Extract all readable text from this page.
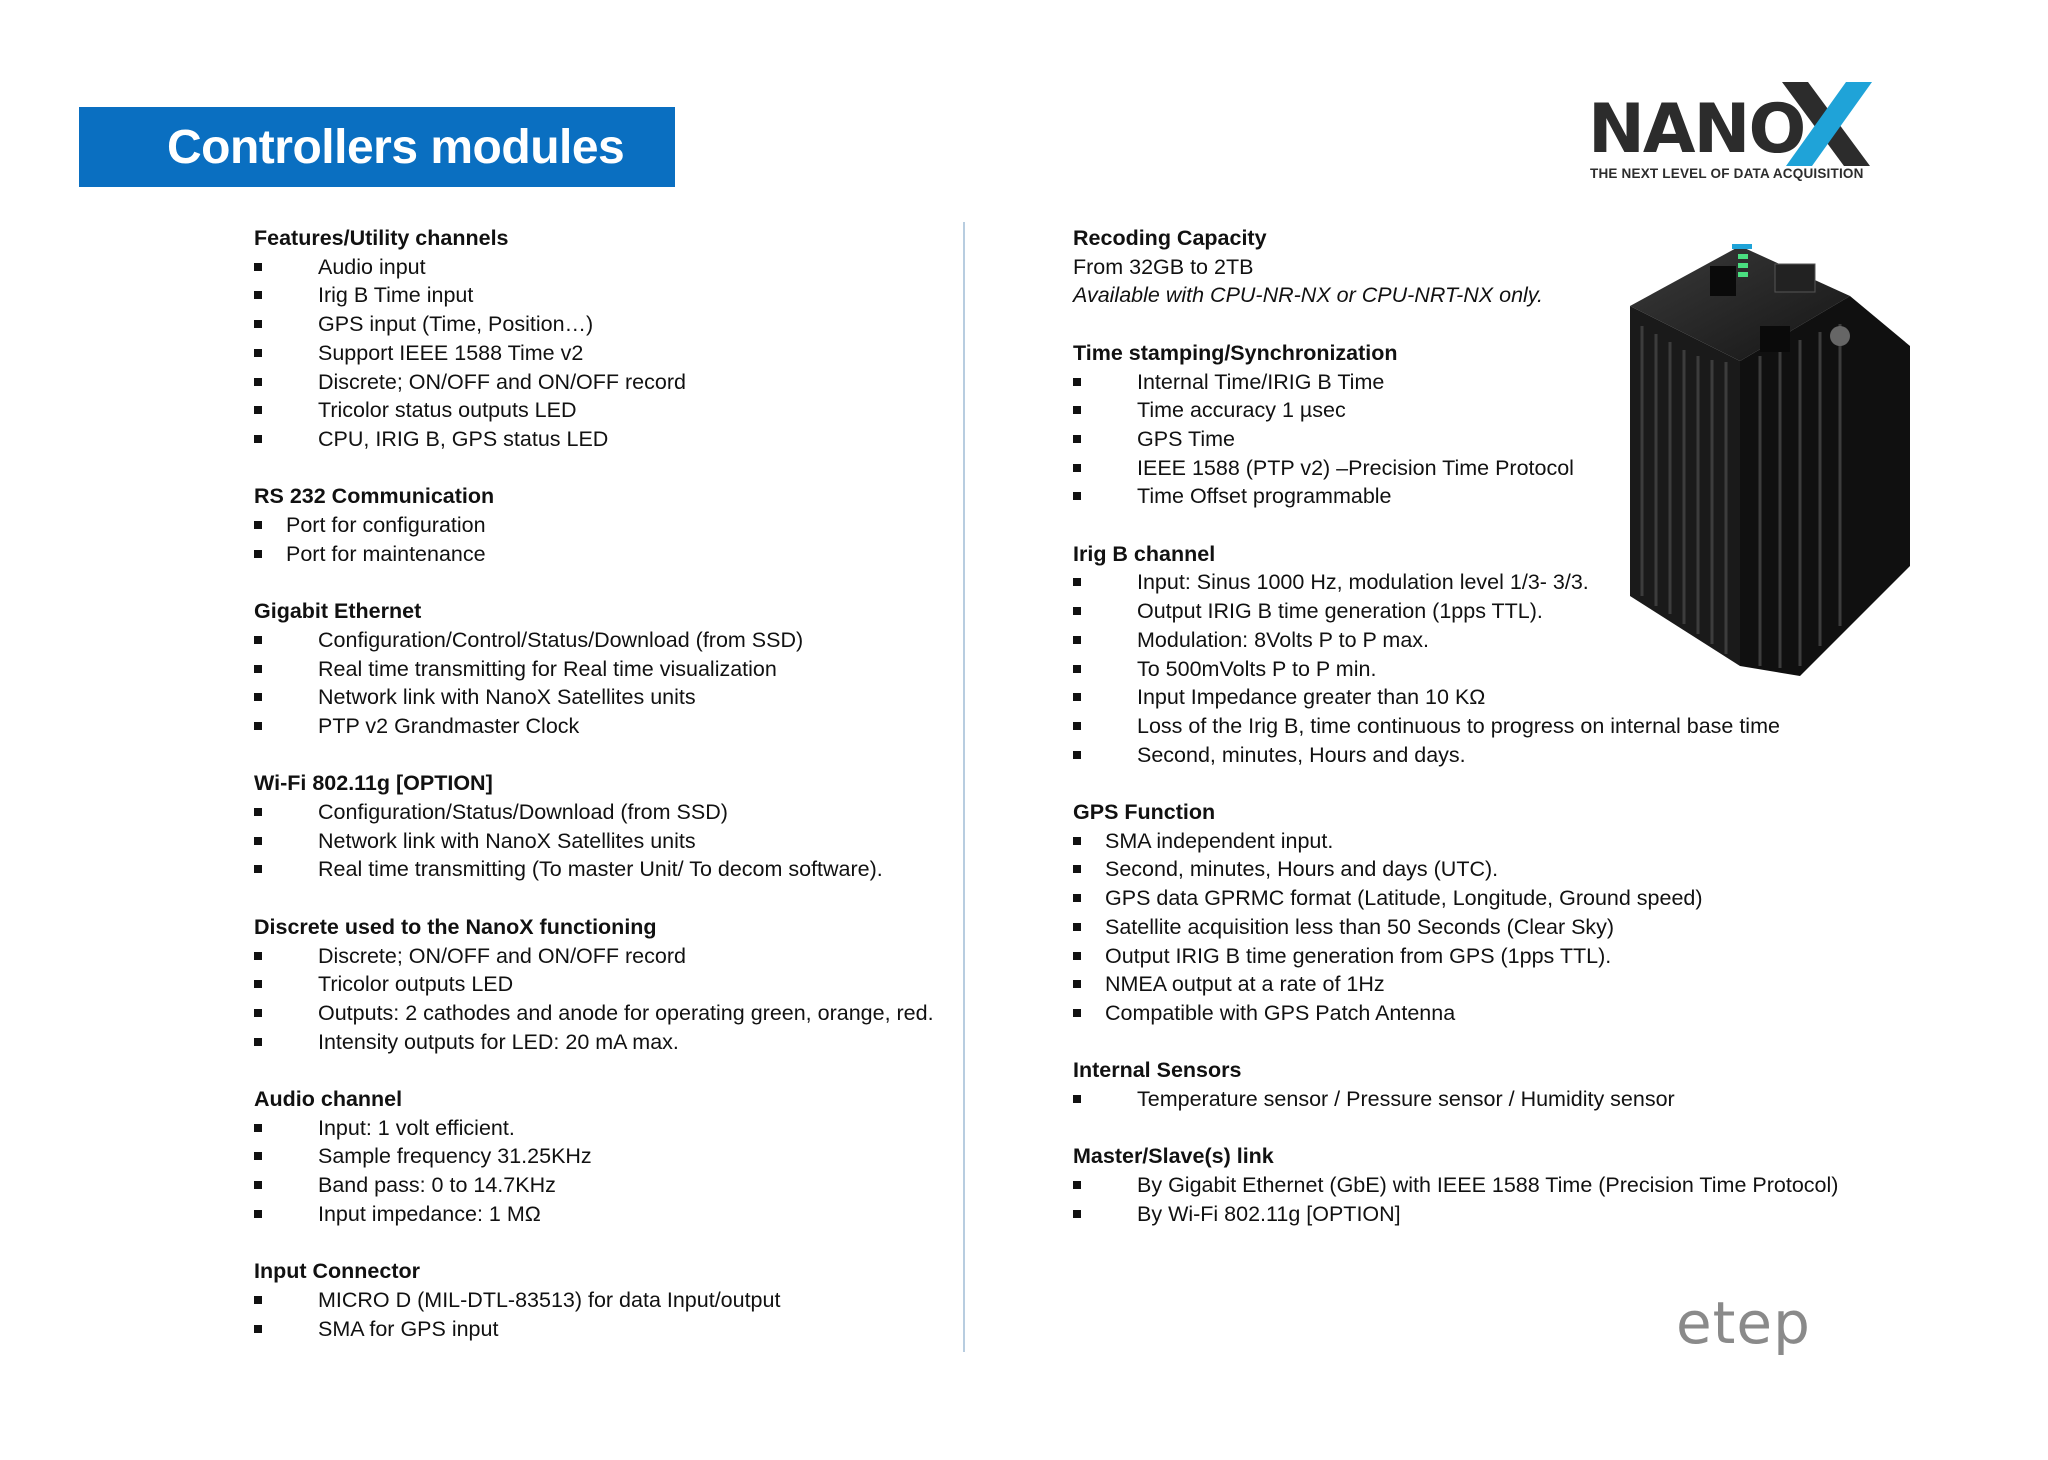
Controllers modules	NANO
THE NEXT LEVEL OF DATA ACQUISITION
Features/Utility channels
Audio input
Irig B Time input
GPS input (Time, Position…)
Support IEEE 1588 Time v2
Discrete; ON/OFF and ON/OFF record
Tricolor status outputs LED
CPU, IRIG B, GPS status LED
RS 232 Communication
Port for configuration
Port for maintenance
Gigabit Ethernet
Configuration/Control/Status/Download (from SSD)
Real time transmitting for Real time visualization
Network link with NanoX Satellites units
PTP v2 Grandmaster Clock
Wi-Fi 802.11g [OPTION]
Configuration/Status/Download (from SSD)
Network link with NanoX Satellites units
Real time transmitting (To master Unit/ To decom software).
Discrete used to the NanoX functioning
Discrete; ON/OFF and ON/OFF record
Tricolor outputs LED
Outputs: 2 cathodes and anode for operating green, orange, red.
Intensity outputs for LED: 20 mA max.
Audio channel
Input: 1 volt efficient.
Sample frequency 31.25KHz
Band pass: 0 to 14.7KHz
Input impedance: 1 MΩ
Input Connector
MICRO D (MIL-DTL-83513) for data Input/output
SMA for GPS input
Recoding Capacity
From 32GB to 2TB
Available with CPU-NR-NX or CPU-NRT-NX only.
Time stamping/Synchronization
Internal Time/IRIG B Time
Time accuracy 1 µsec
GPS Time
IEEE 1588 (PTP v2) –Precision Time Protocol
Time Offset programmable
Irig B channel
Input: Sinus 1000 Hz, modulation level 1/3- 3/3.
Output IRIG B time generation (1pps TTL).
Modulation: 8Volts P to P max.
To 500mVolts P to P min.
Input Impedance greater than 10 KΩ
Loss of the Irig B, time continuous to progress on internal base time
Second, minutes, Hours and days.
GPS Function
SMA independent input.
Second, minutes, Hours and days (UTC).
GPS data GPRMC format (Latitude, Longitude, Ground speed)
Satellite acquisition less than 50 Seconds (Clear Sky)
Output IRIG B time generation from GPS (1pps TTL).
NMEA output at a rate of 1Hz
Compatible with GPS Patch Antenna
Internal Sensors
Temperature sensor / Pressure sensor / Humidity sensor
Master/Slave(s) link
By Gigabit Ethernet (GbE) with IEEE 1588 Time (Precision Time Protocol)
By Wi-Fi 802.11g [OPTION]
etep
